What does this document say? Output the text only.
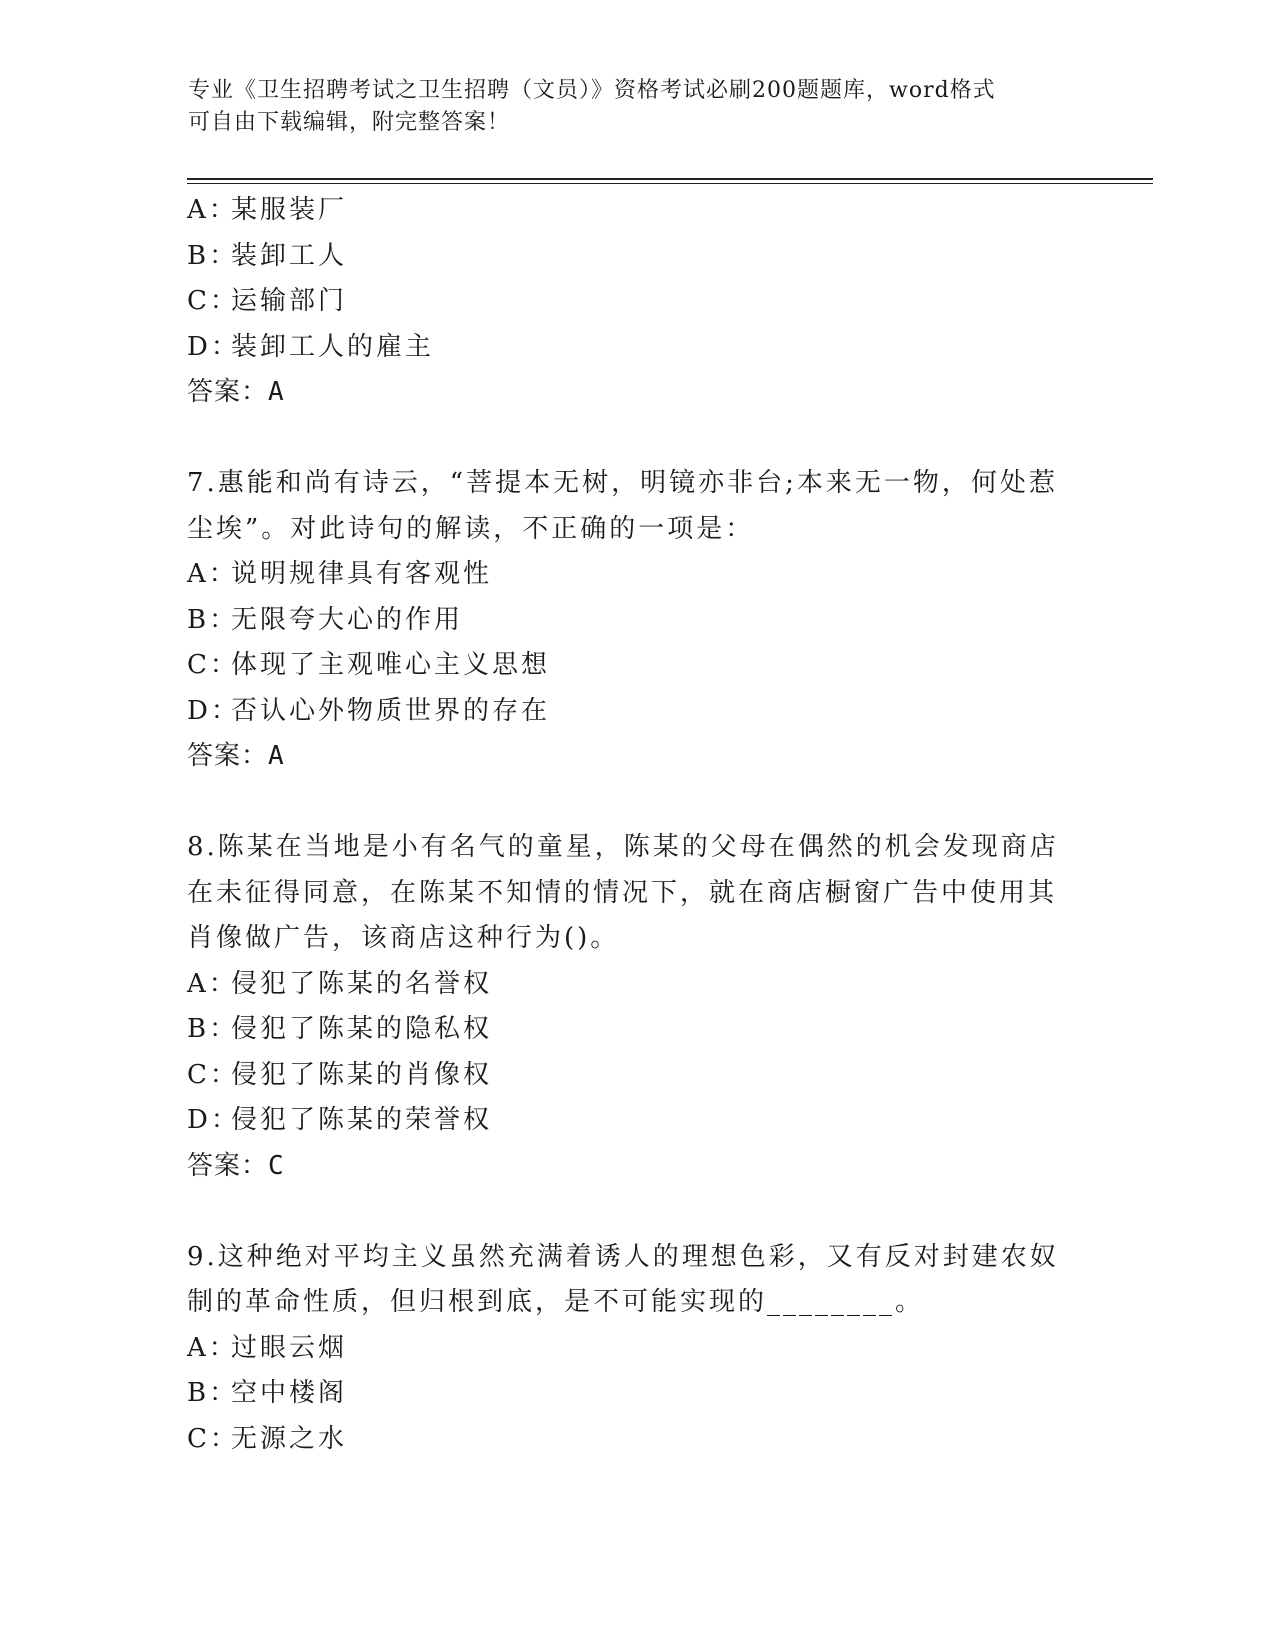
专业《卫生招聘考试之卫生招聘（文员）》资格考试必刷200题题库，word格式
可自由下载编辑，附完整答案！
A：某服装厂
B：装卸工人
C：运输部门
D：装卸工人的雇主
答案：A
7.惠能和尚有诗云，“菩提本无树，明镜亦非台;本来无一物，何处惹尘埃”。对此诗句的解读，不正确的一项是：
A：说明规律具有客观性
B：无限夸大心的作用
C：体现了主观唯心主义思想
D：否认心外物质世界的存在
答案：A
8.陈某在当地是小有名气的童星，陈某的父母在偶然的机会发现商店在未征得同意，在陈某不知情的情况下，就在商店橱窗广告中使用其肖像做广告，该商店这种行为()。
A：侵犯了陈某的名誉权
B：侵犯了陈某的隐私权
C：侵犯了陈某的肖像权
D：侵犯了陈某的荣誉权
答案：C
9.这种绝对平均主义虽然充满着诱人的理想色彩，又有反对封建农奴制的革命性质，但归根到底，是不可能实现的________。
A：过眼云烟
B：空中楼阁
C：无源之水
